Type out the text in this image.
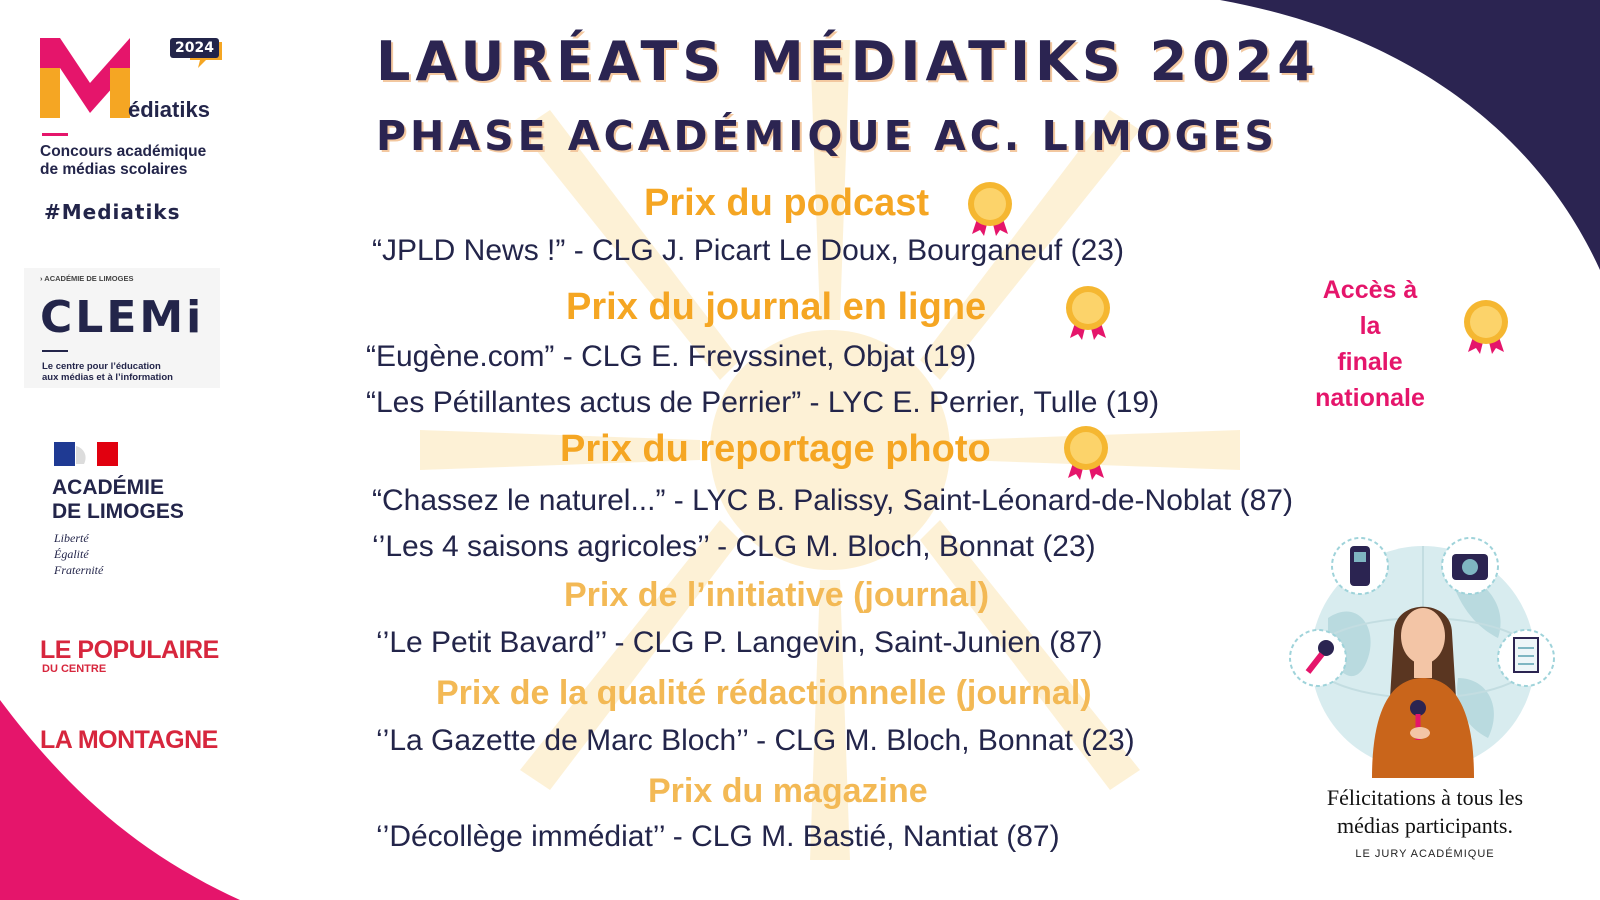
LAURÉATS MÉDIATIKS 2024
PHASE ACADÉMIQUE AC. LIMOGES
Prix du podcast
“JPLD News !” - CLG J. Picart Le Doux, Bourganeuf (23)
Prix du journal en ligne
“Eugène.com” - CLG E. Freyssinet, Objat (19)
“Les Pétillantes actus de Perrier” - LYC E. Perrier, Tulle (19)
Prix du reportage photo
“Chassez le naturel...” - LYC B. Palissy, Saint-Léonard-de-Noblat (87)
‘’Les 4 saisons agricoles’’ - CLG M. Bloch, Bonnat (23)
Prix de l’initiative (journal)
‘’Le Petit Bavard’’ - CLG P. Langevin, Saint-Junien (87)
Prix de la qualité rédactionnelle (journal)
‘’La Gazette de Marc Bloch’’ - CLG M. Bloch, Bonnat (23)
Prix du magazine
‘’Décollège immédiat’’ - CLG M. Bastié, Nantiat (87)
Accès à la
finale
nationale
2024
édiatiks
Concours académique
de médias scolaires
#Mediatiks
› ACADÉMIE DE LIMOGES
CLEMi
Le centre pour l’éducation
aux médias et à l’information
ACADÉMIE
DE LIMOGES
Liberté
Égalité
Fraternité
LE POPULAIRE
DU CENTRE
LA MONTAGNE
Félicitations à tous les
médias participants.
LE JURY ACADÉMIQUE
